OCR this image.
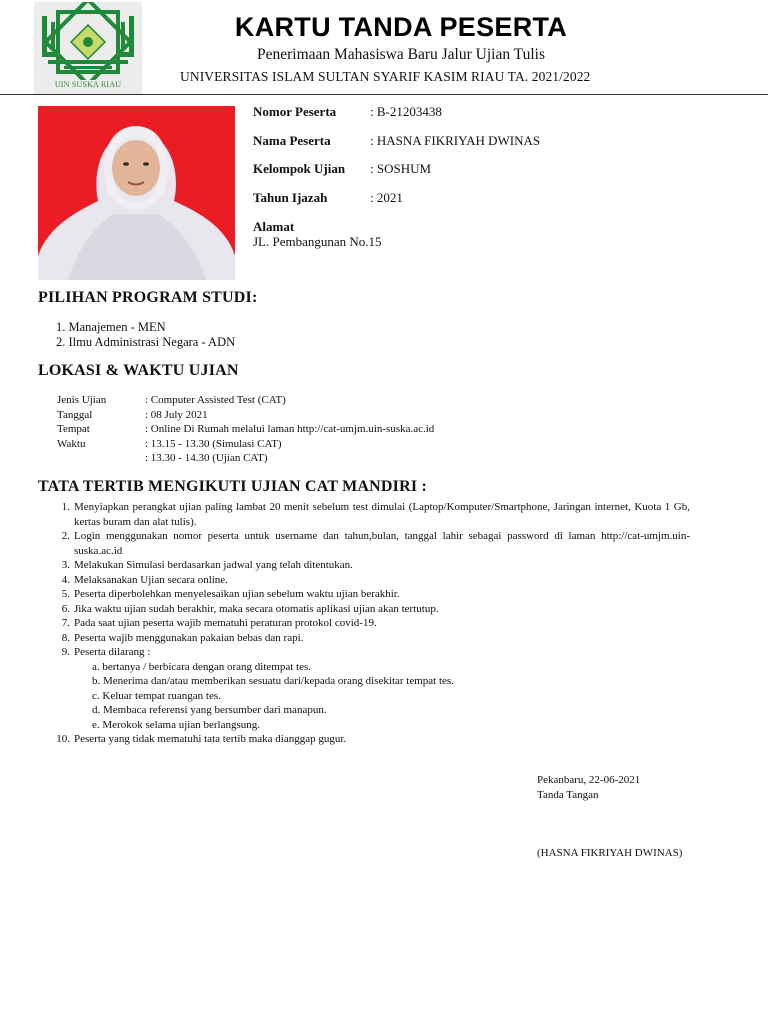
UIN SUSKA RIAU
KARTU TANDA PESERTA
Penerimaan Mahasiswa Baru Jalur Ujian Tulis
UNIVERSITAS ISLAM SULTAN SYARIF KASIM RIAU TA. 2021/2022
Nomor Peserta	: B-21203438
Nama Peserta	: HASNA FIKRIYAH DWINAS
Kelompok Ujian : SOSHUM
Tahun Ijazah	: 2021
Alamat
JL. Pembangunan No.15
PILIHAN PROGRAM STUDI:
1. Manajemen - MEN
2. Ilmu Administrasi Negara - ADN
LOKASI & WAKTU UJIAN
Jenis Ujian	: Computer Assisted Test (CAT)
Tanggal	: 08 July 2021
Tempat	: Online Di Rumah melalui laman http://cat-umjm.uin-suska.ac.id
Waktu	: 13.15 - 13.30 (Simulasi CAT)
: 13.30 - 14.30 (Ujian CAT)
TATA TERTIB MENGIKUTI UJIAN CAT MANDIRI :
1. Menyiapkan perangkat ujian paling lambat 20 menit sebelum test dimulai (Laptop/Komputer/Smartphone, Jaringan internet, Kuota 1 Gb, kertas buram dan alat tulis).
2. Login menggunakan nomor peserta untuk username dan tahun,bulan, tanggal lahir sebagai password di laman http://cat-umjm.uin-suska.ac.id
3. Melakukan Simulasi berdasarkan jadwal yang telah ditentukan.
4. Melaksanakan Ujian secara online.
5. Peserta diperbolehkan menyelesaikan ujian sebelum waktu ujian berakhir.
6. Jika waktu ujian sudah berakhir, maka secara otomatis aplikasi ujian akan tertutup.
7. Pada saat ujian peserta wajib mematuhi peraturan protokol covid-19.
8. Peserta wajib menggunakan pakaian bebas dan rapi.
9. Peserta dilarang :
a. bertanya / berbicara dengan orang ditempat tes.
b. Menerima dan/atau memberikan sesuatu dari/kepada orang disekitar tempat tes.
c. Keluar tempat ruangan tes.
d. Membaca referensi yang bersumber dari manapun.
e. Merokok selama ujian berlangsung.
10. Peserta yang tidak mematuhi tata tertib maka dianggap gugur.
Pekanbaru, 22-06-2021
Tanda Tangan
(HASNA FIKRIYAH DWINAS)
